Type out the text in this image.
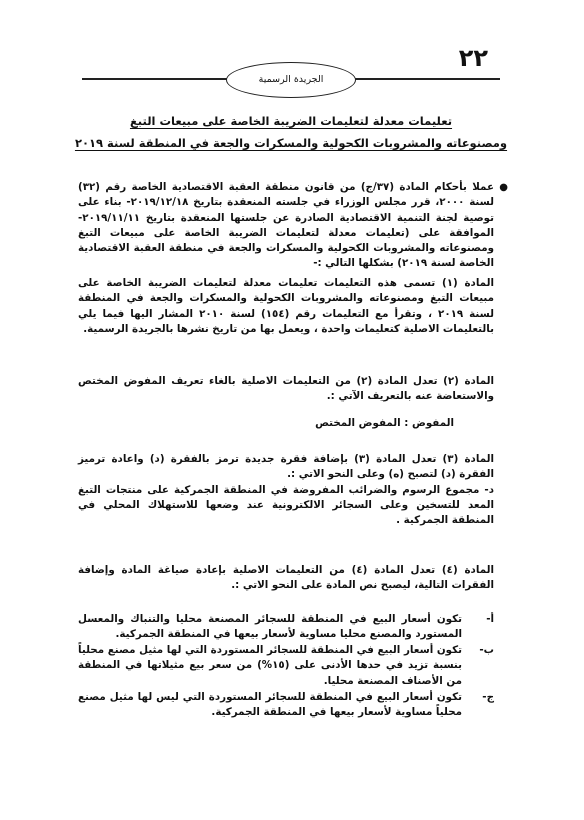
٢٢
الجريدة الرسمية
تعليمات معدلة لتعليمات الضريبة الخاصة على مبيعات التبغ
ومصنوعاته والمشروبات الكحولية والمسكرات والجعة في المنطقة لسنة ٢٠١٩
●

عملا بأحكام المادة (٣٧/ج) من قانون منطقة العقبة الاقتصادية الخاصة رقم (٣٢) لسنة ٢٠٠٠، قرر مجلس الوزراء في جلسته المنعقدة بتاريخ ٢٠١٩/١٢/١٨- بناء على توصية لجنة التنمية الاقتصادية الصادرة عن جلستها المنعقدة بتاريخ ٢٠١٩/١١/١١- الموافقة على (تعليمات معدلة لتعليمات الضريبة الخاصة على مبيعات التبغ ومصنوعاته والمشروبات الكحولية والمسكرات والجعة في منطقة العقبة الاقتصادية الخاصة لسنة ٢٠١٩) بشكلها التالي :-

المادة (١) تسمى هذه التعليمات تعليمات معدلة لتعليمات الضريبة الخاصة على مبيعات التبغ ومصنوعاته والمشروبات الكحولية والمسكرات والجعة في المنطقة لسنة ٢٠١٩ ، وتقرأ مع التعليمات رقم (١٥٤) لسنة ٢٠١٠ المشار اليها فيما يلي بالتعليمات الاصلية كتعليمات واحدة ، ويعمل بها من تاريخ نشرها بالجريدة الرسمية.

المادة (٢) تعدل المادة (٢) من التعليمات الاصلية بالغاء تعريف المفوض المختص والاستعاضة عنه بالتعريف الآتي :.

المفوض : المفوض المختص

المادة (٣) تعدل المادة (٣) بإضافة فقرة جديدة ترمز بالفقرة (د) واعادة ترميز الفقرة (د) لتصبح (ه) وعلى النحو الاتي :.

د- مجموع الرسوم والضرائب المفروضة في المنطقة الجمركية على منتجات التبغ المعد للتسخين وعلى السجائر الالكترونية عند وضعها للاستهلاك المحلي في المنطقة الجمركية .

المادة (٤) تعدل المادة (٤) من التعليمات الاصلية بإعادة صياغة المادة وإضافة الفقرات التالية، ليصبح نص المادة على النحو الاتي :.

أ-

تكون أسعار البيع في المنطقة للسجائر المصنعة محليا والتنباك والمعسل المستورد والمصنع محليا مساوية لأسعار بيعها في المنطقة الجمركية.

ب-

تكون أسعار البيع في المنطقة للسجائر المستوردة التي لها مثيل مصنع محلياً بنسبة تزيد في حدها الأدنى على (١٥%) من سعر بيع مثيلاتها في المنطقة من الأصناف المصنعة محليا.

ج-

تكون أسعار البيع في المنطقة للسجائر المستوردة التي ليس لها مثيل مصنع محلياً مساوية لأسعار بيعها في المنطقة الجمركية.
